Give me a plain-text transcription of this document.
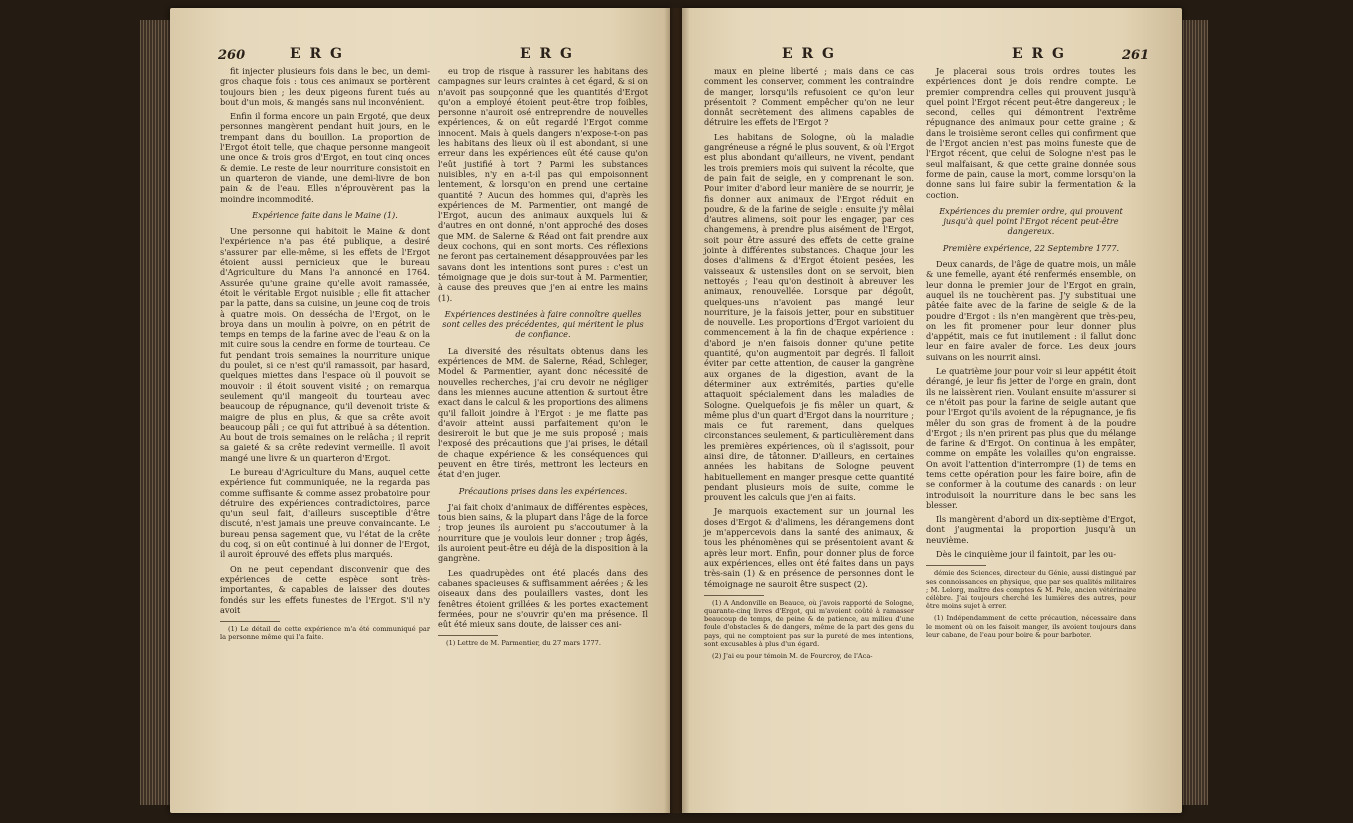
260	E R G	E R G

fit injecter plusieurs fois dans le bec, un demi-gros chaque fois : tous ces animaux se portèrent toujours bien ; les deux pigeons furent tués au bout d'un mois, & mangés sans nul inconvénient.

Enfin il forma encore un pain Ergoté, que deux personnes mangèrent pendant huit jours, en le trempant dans du bouillon. La proportion de l'Ergot étoit telle, que chaque personne mangeoit une once & trois gros d'Ergot, en tout cinq onces & demie. Le reste de leur nourriture consistoit en un quarteron de viande, une demi-livre de bon pain & de l'eau. Elles n'éprouvèrent pas la moindre incommodité.

Expérience faite dans le Maine (1).

Une personne qui habitoit le Maine & dont l'expérience n'a pas été publique, a desiré s'assurer par elle-même, si les effets de l'Ergot étoient aussi pernicieux que le bureau d'Agriculture du Mans l'a annoncé en 1764. Assurée qu'une graine qu'elle avoit ramassée, étoit le véritable Ergot nuisible ; elle fit attacher par la patte, dans sa cuisine, un jeune coq de trois à quatre mois. On dessécha de l'Ergot, on le broya dans un moulin à poivre, on en pétrit de temps en temps de la farine avec de l'eau & on la mit cuire sous la cendre en forme de tourteau. Ce fut pendant trois semaines la nourriture unique du poulet, si ce n'est qu'il ramassoit, par hasard, quelques miettes dans l'espace où il pouvoit se mouvoir : il étoit souvent visité ; on remarqua seulement qu'il mangeoit du tourteau avec beaucoup de répugnance, qu'il devenoit triste & maigre de plus en plus, & que sa crête avoit beaucoup pâli ; ce qui fut attribué à sa détention. Au bout de trois semaines on le relâcha ; il reprit sa gaieté & sa crête redevint vermeille. Il avoit mangé une livre & un quarteron d'Ergot.

Le bureau d'Agriculture du Mans, auquel cette expérience fut communiquée, ne la regarda pas comme suffisante & comme assez probatoire pour détruire des expériences contradictoires, parce qu'un seul fait, d'ailleurs susceptible d'être discuté, n'est jamais une preuve convaincante. Le bureau pensa sagement que, vu l'état de la crête du coq, si on eût continué à lui donner de l'Ergot, il auroit éprouvé des effets plus marqués.

On ne peut cependant disconvenir que des expériences de cette espèce sont très-importantes, & capables de laisser des doutes fondés sur les effets funestes de l'Ergot. S'il n'y avoit

(1) Le détail de cette expérience m'a été communiqué par la personne même qui l'a faite.

eu trop de risque à rassurer les habitans des campagnes sur leurs craintes à cet égard, & si on n'avoit pas soupçonné que les quantités d'Ergot qu'on a employé étoient peut-être trop foibles, personne n'auroit osé entreprendre de nouvelles expériences, & on eût regardé l'Ergot comme innocent. Mais à quels dangers n'expose-t-on pas les habitans des lieux où il est abondant, si une erreur dans les expériences eût été cause qu'on l'eût justifié à tort ? Parmi les substances nuisibles, n'y en a-t-il pas qui empoisonnent lentement, & lorsqu'on en prend une certaine quantité ? Aucun des hommes qui, d'après les expériences de M. Parmentier, ont mangé de l'Ergot, aucun des animaux auxquels lui & d'autres en ont donné, n'ont approché des doses que MM. de Salerne & Réad ont fait prendre aux deux cochons, qui en sont morts. Ces réflexions ne feront pas certainement désapprouvées par les savans dont les intentions sont pures : c'est un témoignage que je dois sur-tout à M. Parmentier, à cause des preuves que j'en ai entre les mains (1).

Expériences destinées à faire connoître quelles sont celles des précédentes, qui méritent le plus de confiance.

La diversité des résultats obtenus dans les expériences de MM. de Salerne, Réad, Schleger, Model & Parmentier, ayant donc nécessité de nouvelles recherches, j'ai cru devoir ne négliger dans les miennes aucune attention & surtout être exact dans le calcul & les proportions des alimens qu'il falloit joindre à l'Ergot : je me flatte pas d'avoir atteint aussi parfaitement qu'on le desireroit le but que je me suis proposé ; mais l'exposé des précautions que j'ai prises, le détail de chaque expérience & les conséquences qui peuvent en être tirés, mettront les lecteurs en état d'en juger.

Précautions prises dans les expériences.

J'ai fait choix d'animaux de différentes espèces, tous bien sains, & la plupart dans l'âge de la force ; trop jeunes ils auroient pu s'accoutumer à la nourriture que je voulois leur donner ; trop âgés, ils auroient peut-être eu déjà de la disposition à la gangrène.

Les quadrupèdes ont été placés dans des cabanes spacieuses & suffisamment aérées ; & les oiseaux dans des poulaillers vastes, dont les fenêtres étoient grillées & les portes exactement fermées, pour ne s'ouvrir qu'en ma présence. Il eût été mieux sans doute, de laisser ces ani-

(1) Lettre de M. Parmentier, du 27 mars 1777.

E R G	E R G	261

maux en pleine liberté ; mais dans ce cas comment les conserver, comment les contraindre de manger, lorsqu'ils refusoient ce qu'on leur présentoit ? Comment empêcher qu'on ne leur donnât secrètement des alimens capables de détruire les effets de l'Ergot ?

Les habitans de Sologne, où la maladie gangréneuse a régné le plus souvent, & où l'Ergot est plus abondant qu'ailleurs, ne vivent, pendant les trois premiers mois qui suivent la récolte, que de pain fait de seigle, en y comprenant le son. Pour imiter d'abord leur manière de se nourrir, je fis donner aux animaux de l'Ergot réduit en poudre, & de la farine de seigle : ensuite j'y mêlai d'autres alimens, soit pour les engager, par ces changemens, à prendre plus aisément de l'Ergot, soit pour être assuré des effets de cette graine jointe à différentes substances. Chaque jour les doses d'alimens & d'Ergot étoient pesées, les vaisseaux & ustensiles dont on se servoit, bien nettoyés ; l'eau qu'on destinoit à abreuver les animaux, renouvellée. Lorsque par dégoût, quelques-uns n'avoient pas mangé leur nourriture, je la faisois jetter, pour en substituer de nouvelle. Les proportions d'Ergot varioient du commencement à la fin de chaque expérience : d'abord je n'en faisois donner qu'une petite quantité, qu'on augmentoit par degrés. Il falloit éviter par cette attention, de causer la gangrène aux organes de la digestion, avant de la déterminer aux extrémités, parties qu'elle attaquoit spécialement dans les maladies de Sologne. Quelquefois je fis mêler un quart, & même plus d'un quart d'Ergot dans la nourriture ; mais ce fut rarement, dans quelques circonstances seulement, & particulièrement dans les premières expériences, où il s'agissoit, pour ainsi dire, de tâtonner. D'ailleurs, en certaines années les habitans de Sologne peuvent habituellement en manger presque cette quantité pendant plusieurs mois de suite, comme le prouvent les calculs que j'en ai faits.

Je marquois exactement sur un journal les doses d'Ergot & d'alimens, les dérangemens dont je m'appercevois dans la santé des animaux, & tous les phénomènes qui se présentoient avant & après leur mort. Enfin, pour donner plus de force aux expériences, elles ont été faites dans un pays très-sain (1) & en présence de personnes dont le témoignage ne sauroit être suspect (2).

(1) A Andonville en Beauce, où j'avois rapporté de Sologne, quarante-cinq livres d'Ergot, qui m'avoient coûté à ramasser beaucoup de temps, de peine & de patience, au milieu d'une foule d'obstacles & de dangers, même de la part des gens du pays, qui ne comptoient pas sur la pureté de mes intentions, sont excusables à plus d'un égard.

(2) J'ai eu pour témoin M. de Fourcroy, de l'Aca-

Je placerai sous trois ordres toutes les expériences dont je dois rendre compte. Le premier comprendra celles qui prouvent jusqu'à quel point l'Ergot récent peut-être dangereux ; le second, celles qui démontrent l'extrême répugnance des animaux pour cette graine ; & dans le troisième seront celles qui confirment que de l'Ergot ancien n'est pas moins funeste que de l'Ergot récent, que celui de Sologne n'est pas le seul malfaisant, & que cette graine donnée sous forme de pain, cause la mort, comme lorsqu'on la donne sans lui faire subir la fermentation & la coction.

Expériences du premier ordre, qui prouvent jusqu'à quel point l'Ergot récent peut-être dangereux.

Première expérience, 22 Septembre 1777.

Deux canards, de l'âge de quatre mois, un mâle & une femelle, ayant été renfermés ensemble, on leur donna le premier jour de l'Ergot en grain, auquel ils ne touchèrent pas. J'y substituai une pâtée faite avec de la farine de seigle & de la poudre d'Ergot : ils n'en mangèrent que très-peu, on les fit promener pour leur donner plus d'appétit, mais ce fut inutilement : il fallut donc leur en faire avaler de force. Les deux jours suivans on les nourrit ainsi.

Le quatrième jour pour voir si leur appétit étoit dérangé, je leur fis jetter de l'orge en grain, dont ils ne laissèrent rien. Voulant ensuite m'assurer si ce n'étoit pas pour la farine de seigle autant que pour l'Ergot qu'ils avoient de la répugnance, je fis mêler du son gras de froment à de la poudre d'Ergot ; ils n'en prirent pas plus que du mélange de farine & d'Ergot. On continua à les empâter, comme on empâte les volailles qu'on engraisse. On avoit l'attention d'interrompre (1) de tems en tems cette opération pour les faire boire, afin de se conformer à la coutume des canards : on leur introduisoit la nourriture dans le bec sans les blesser.

Ils mangèrent d'abord un dix-septième d'Ergot, dont j'augmentai la proportion jusqu'à un neuvième.

Dès le cinquième jour il faintoit, par les ou-

démie des Sciences, directeur du Génie, aussi distingué par ses connoissances en physique, que par ses qualités militaires ; M. Lelorg, maître des comptes & M. Pele, ancien vétérinaire célèbre. J'ai toujours cherché les lumières des autres, pour être moins sujet à errer.

(1) Indépendamment de cette précaution, nécessaire dans le moment où on les faisoit manger, ils avoient toujours dans leur cabane, de l'eau pour boire & pour barboter.
